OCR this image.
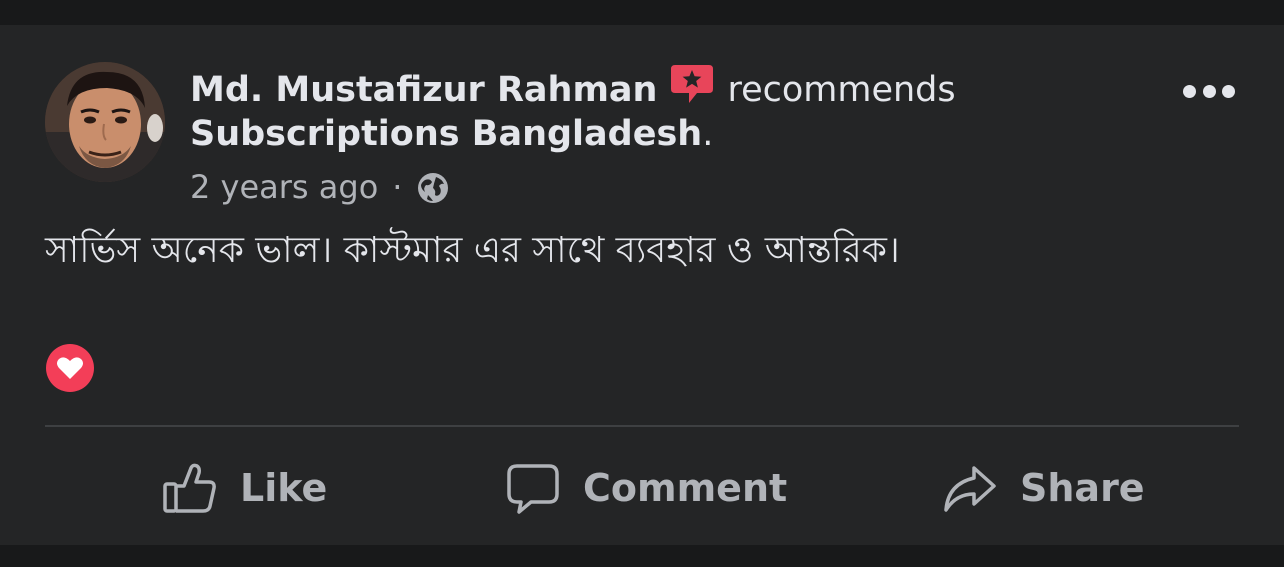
Md. Mustafizur Rahman recommends
Subscriptions Bangladesh.
2 years ago ·
সার্ভিস অনেক ভাল। কাস্টমার এর সাথে ব্যবহার ও আন্তরিক।
Like	Comment	Share
